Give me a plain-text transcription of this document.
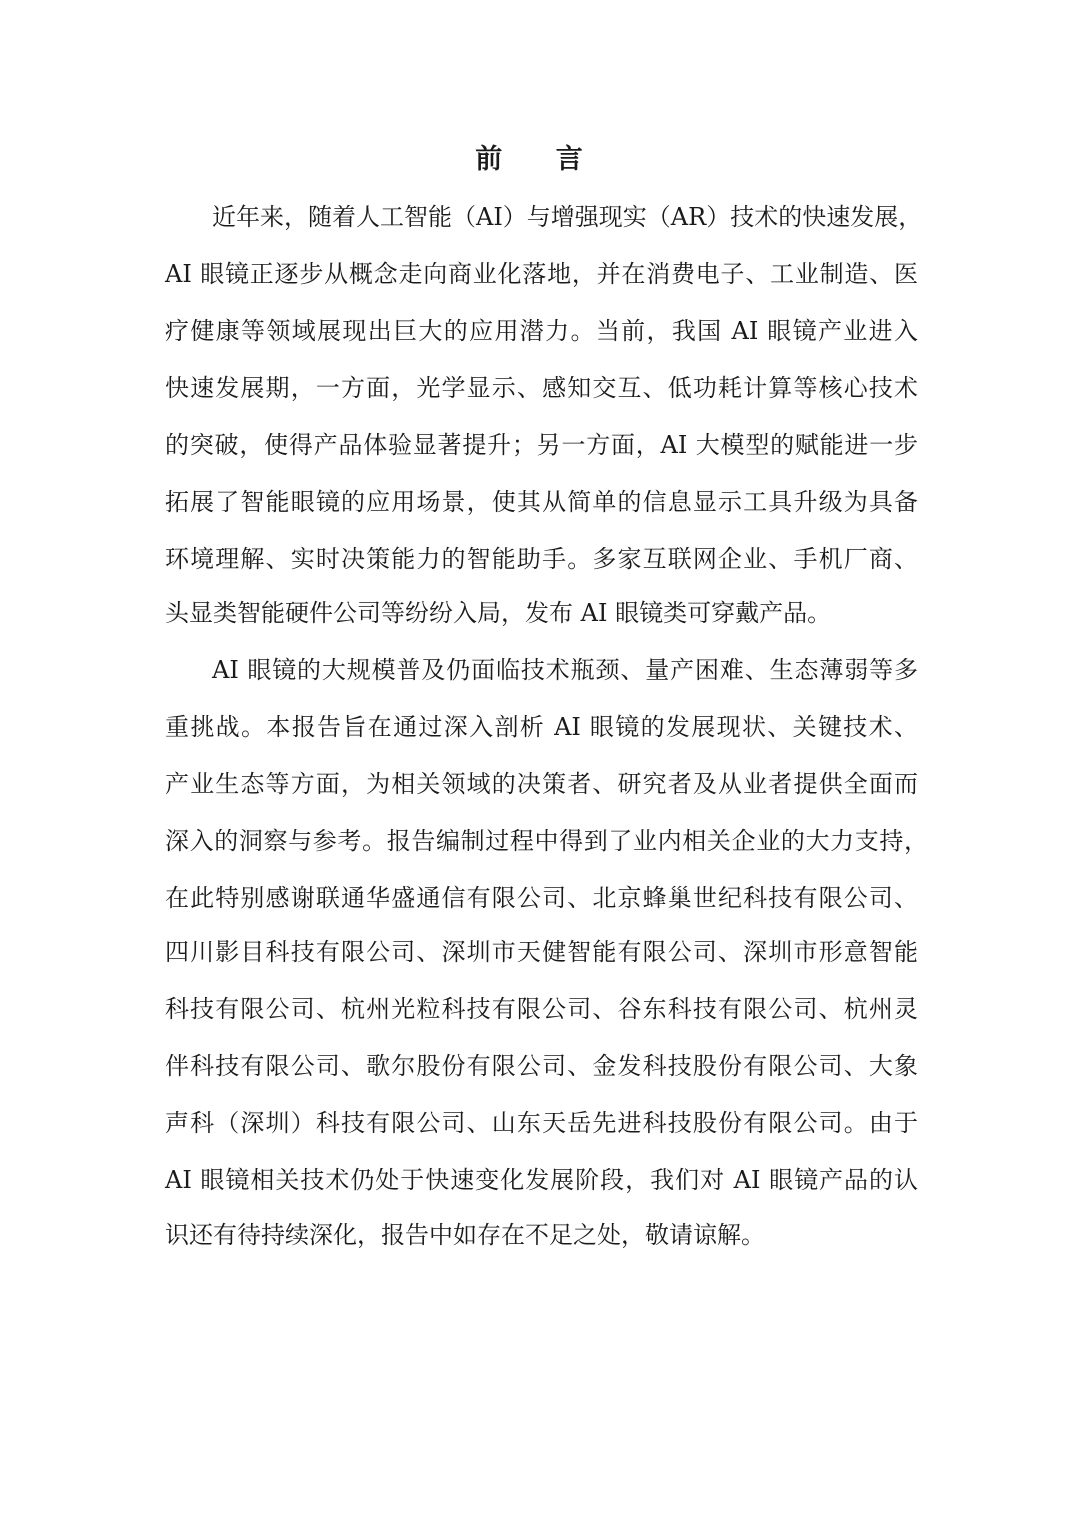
前 言
近年来，随着人工智能（AI）与增强现实（AR）技术的快速发展，
AI 眼镜正逐步从概念走向商业化落地，并在消费电子、工业制造、医
疗健康等领域展现出巨大的应用潜力。当前，我国 AI 眼镜产业进入
快速发展期，一方面，光学显示、感知交互、低功耗计算等核心技术
的突破，使得产品体验显著提升；另一方面，AI 大模型的赋能进一步
拓展了智能眼镜的应用场景，使其从简单的信息显示工具升级为具备
环境理解、实时决策能力的智能助手。多家互联网企业、手机厂商、
头显类智能硬件公司等纷纷入局，发布 AI 眼镜类可穿戴产品。
AI 眼镜的大规模普及仍面临技术瓶颈、量产困难、生态薄弱等多
重挑战。本报告旨在通过深入剖析 AI 眼镜的发展现状、关键技术、
产业生态等方面，为相关领域的决策者、研究者及从业者提供全面而
深入的洞察与参考。报告编制过程中得到了业内相关企业的大力支持，
在此特别感谢联通华盛通信有限公司、北京蜂巢世纪科技有限公司、
四川影目科技有限公司、深圳市天健智能有限公司、深圳市形意智能
科技有限公司、杭州光粒科技有限公司、谷东科技有限公司、杭州灵
伴科技有限公司、歌尔股份有限公司、金发科技股份有限公司、大象
声科（深圳）科技有限公司、山东天岳先进科技股份有限公司。由于
AI 眼镜相关技术仍处于快速变化发展阶段，我们对 AI 眼镜产品的认
识还有待持续深化，报告中如存在不足之处，敬请谅解。
